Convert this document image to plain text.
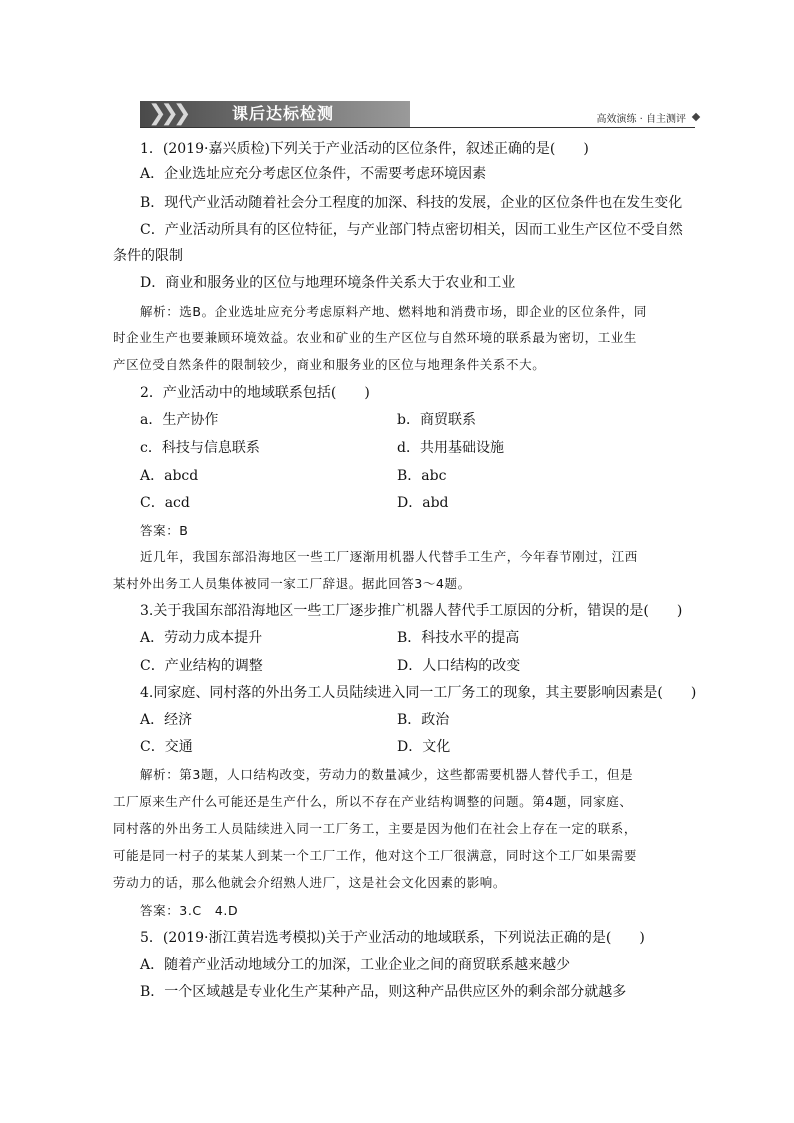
❯❯❯	课后达标检测	高效演练 · 自主测评
1．(2019·嘉兴质检)下列关于产业活动的区位条件，叙述正确的是(　　)
A．企业选址应充分考虑区位条件，不需要考虑环境因素
B．现代产业活动随着社会分工程度的加深、科技的发展，企业的区位条件也在发生变化
C．产业活动所具有的区位特征，与产业部门特点密切相关，因而工业生产区位不受自然
条件的限制
D．商业和服务业的区位与地理环境条件关系大于农业和工业
解析：选B。企业选址应充分考虑原料产地、燃料地和消费市场，即企业的区位条件，同
时企业生产也要兼顾环境效益。农业和矿业的生产区位与自然环境的联系最为密切，工业生
产区位受自然条件的限制较少，商业和服务业的区位与地理条件关系不大。
2．产业活动中的地域联系包括(　　)
a．生产协作	b．商贸联系
c．科技与信息联系	d．共用基础设施
A．abcd	B．abc
C．acd	D．abd
答案：B
近几年，我国东部沿海地区一些工厂逐渐用机器人代替手工生产，今年春节刚过，江西
某村外出务工人员集体被同一家工厂辞退。据此回答3～4题。
3.关于我国东部沿海地区一些工厂逐步推广机器人替代手工原因的分析，错误的是(　　)
A．劳动力成本提升	B．科技水平的提高
C．产业结构的调整	D．人口结构的改变
4.同家庭、同村落的外出务工人员陆续进入同一工厂务工的现象，其主要影响因素是(　　)
A．经济	B．政治
C．交通	D．文化
解析：第3题，人口结构改变，劳动力的数量减少，这些都需要机器人替代手工，但是
工厂原来生产什么可能还是生产什么，所以不存在产业结构调整的问题。第4题，同家庭、
同村落的外出务工人员陆续进入同一工厂务工，主要是因为他们在社会上存在一定的联系，
可能是同一村子的某某人到某一个工厂工作，他对这个工厂很满意，同时这个工厂如果需要
劳动力的话，那么他就会介绍熟人进厂，这是社会文化因素的影响。
答案：3.C　4.D
5．(2019·浙江黄岩选考模拟)关于产业活动的地域联系，下列说法正确的是(　　)
A．随着产业活动地域分工的加深，工业企业之间的商贸联系越来越少
B．一个区域越是专业化生产某种产品，则这种产品供应区外的剩余部分就越多
